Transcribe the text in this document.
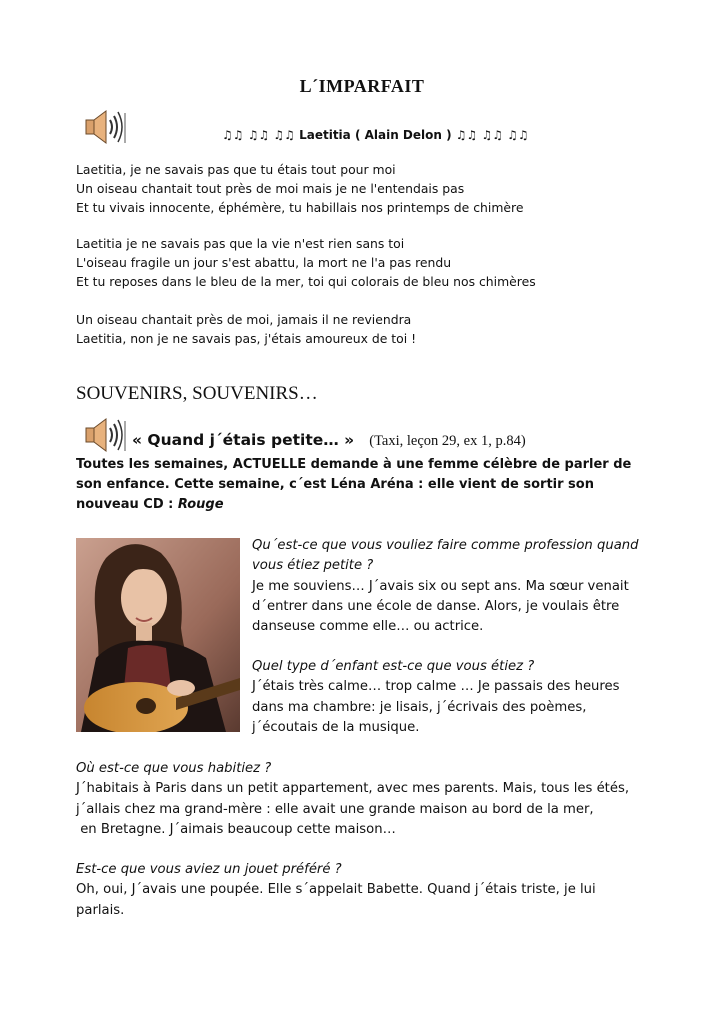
L´IMPARFAIT
♫♫ ♫♫ ♫♫ Laetitia ( Alain Delon ) ♫♫ ♫♫ ♫♫
Laetitia, je ne savais pas que tu étais tout pour moi
Un oiseau chantait tout près de moi mais je ne l'entendais pas
Et tu vivais innocente, éphémère, tu habillais nos printemps de chimère
Laetitia je ne savais pas que la vie n'est rien sans toi
L'oiseau fragile un jour s'est abattu, la mort ne l'a pas rendu
Et tu reposes dans le bleu de la mer, toi qui colorais de bleu nos chimères
Un oiseau chantait près de moi, jamais il ne reviendra
Laetitia, non je ne savais pas, j'étais amoureux de toi !
SOUVENIRS, SOUVENIRS…
« Quand j´étais petite… » (Taxi, leçon 29, ex 1, p.84)
Toutes les semaines, ACTUELLE demande à une femme célèbre de parler de
son enfance. Cette semaine, c´est Léna Aréna : elle vient de sortir son
nouveau CD : Rouge
Qu´est-ce que vous vouliez faire comme profession quand
vous étiez petite ?
Je me souviens… J´avais six ou sept ans. Ma sœur venait
d´entrer dans une école de danse. Alors, je voulais être
danseuse comme elle… ou actrice.
Quel type d´enfant est-ce que vous étiez ?
J´étais très calme… trop calme … Je passais des heures
dans ma chambre: je lisais, j´écrivais des poèmes,
j´écoutais de la musique.
Où est-ce que vous habitiez ?
J´habitais à Paris dans un petit appartement, avec mes parents. Mais, tous les étés,
j´allais chez ma grand-mère : elle avait une grande maison au bord de la mer,
en Bretagne. J´aimais beaucoup cette maison…
Est-ce que vous aviez un jouet préféré ?
Oh, oui, J´avais une poupée. Elle s´appelait Babette. Quand j´étais triste, je lui
parlais.
